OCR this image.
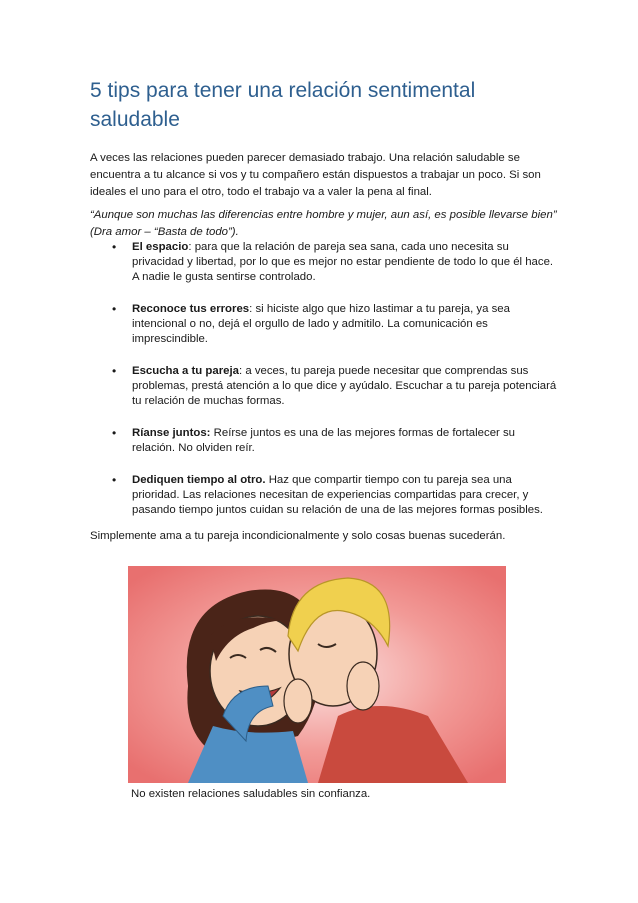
5 tips para tener una relación sentimental saludable

A veces las relaciones pueden parecer demasiado trabajo. Una relación saludable se encuentra a tu alcance si vos y tu compañero están dispuestos a trabajar un poco. Si son ideales el uno para el otro, todo el trabajo va a valer la pena al final.

“Aunque son muchas las diferencias entre hombre y mujer, aun así, es posible llevarse bien” (Dra amor – “Basta de todo”).

• El espacio: para que la relación de pareja sea sana, cada uno necesita su privacidad y libertad, por lo que es mejor no estar pendiente de todo lo que él hace. A nadie le gusta sentirse controlado.
• Reconoce tus errores: si hiciste algo que hizo lastimar a tu pareja, ya sea intencional o no, dejá el orgullo de lado y admitilo. La comunicación es imprescindible.
• Escucha a tu pareja: a veces, tu pareja puede necesitar que comprendas sus problemas, prestá atención a lo que dice y ayúdalo. Escuchar a tu pareja potenciará tu relación de muchas formas.
• Ríanse juntos: Reírse juntos es una de las mejores formas de fortalecer su relación. No olviden reír.
• Dediquen tiempo al otro. Haz que compartir tiempo con tu pareja sea una prioridad. Las relaciones necesitan de experiencias compartidas para crecer, y pasando tiempo juntos cuidan su relación de una de las mejores formas posibles.

Simplemente ama a tu pareja incondicionalmente y solo cosas buenas sucederán.

No existen relaciones saludables sin confianza.
